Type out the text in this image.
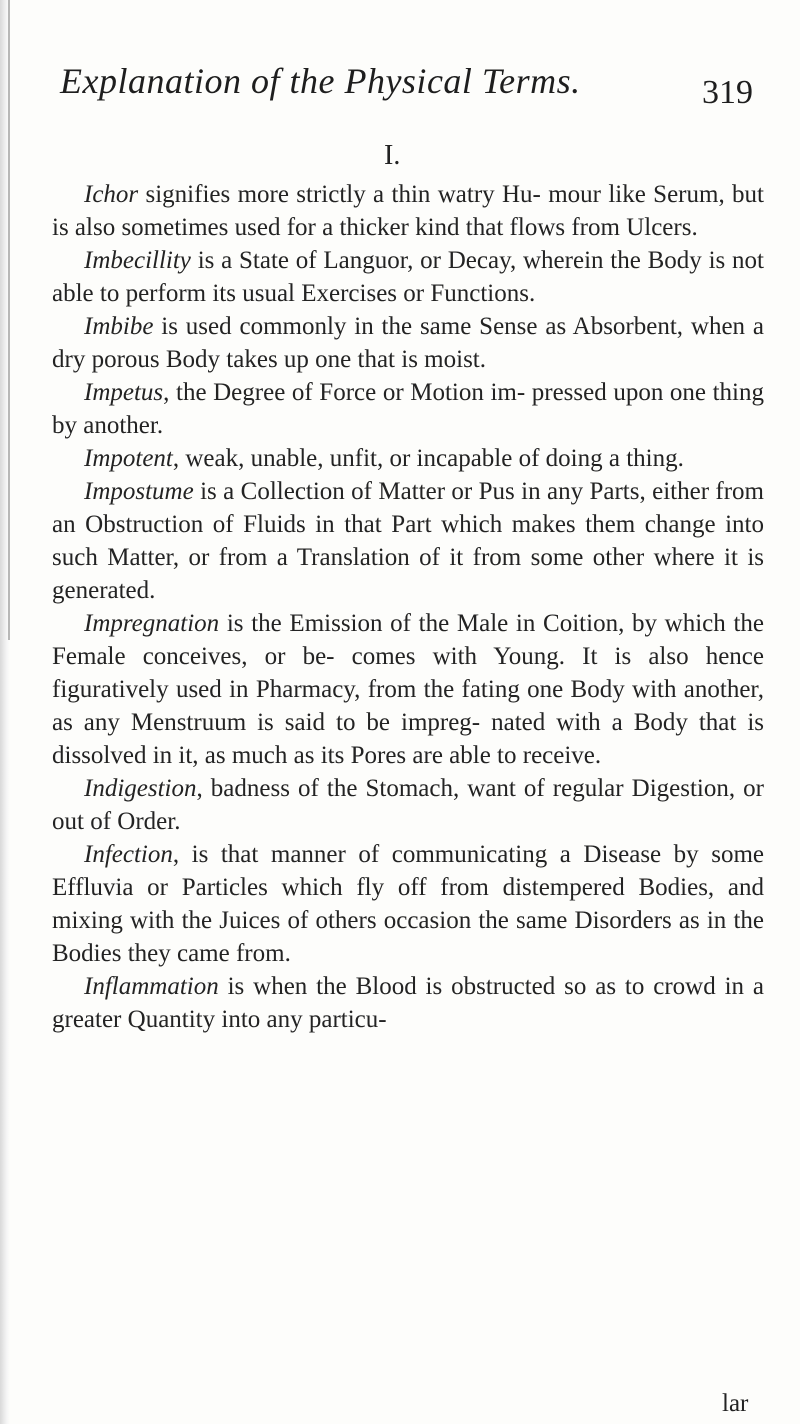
Explanation of the Physical Terms.	319
I.

Ichor signifies more strictly a thin watry Hu- mour like Serum, but is also sometimes used for a thicker kind that flows from Ulcers.

Imbecillity is a State of Languor, or Decay, wherein the Body is not able to perform its usual Exercises or Functions.

Imbibe is used commonly in the same Sense as Absorbent, when a dry porous Body takes up one that is moist.

Impetus, the Degree of Force or Motion im- pressed upon one thing by another.

Impotent, weak, unable, unfit, or incapable of doing a thing.

Impostume is a Collection of Matter or Pus in any Parts, either from an Obstruction of Fluids in that Part which makes them change into such Matter, or from a Translation of it from some other where it is generated.

Impregnation is the Emission of the Male in Coition, by which the Female conceives, or be- comes with Young. It is also hence figuratively used in Pharmacy, from the fating one Body with another, as any Menstruum is said to be impreg- nated with a Body that is dissolved in it, as much as its Pores are able to receive.

Indigestion, badness of the Stomach, want of regular Digestion, or out of Order.

Infection, is that manner of communicating a Disease by some Effluvia or Particles which fly off from distempered Bodies, and mixing with the Juices of others occasion the same Disorders as in the Bodies they came from.

Inflammation is when the Blood is obstructed so as to crowd in a greater Quantity into any particu-

lar
